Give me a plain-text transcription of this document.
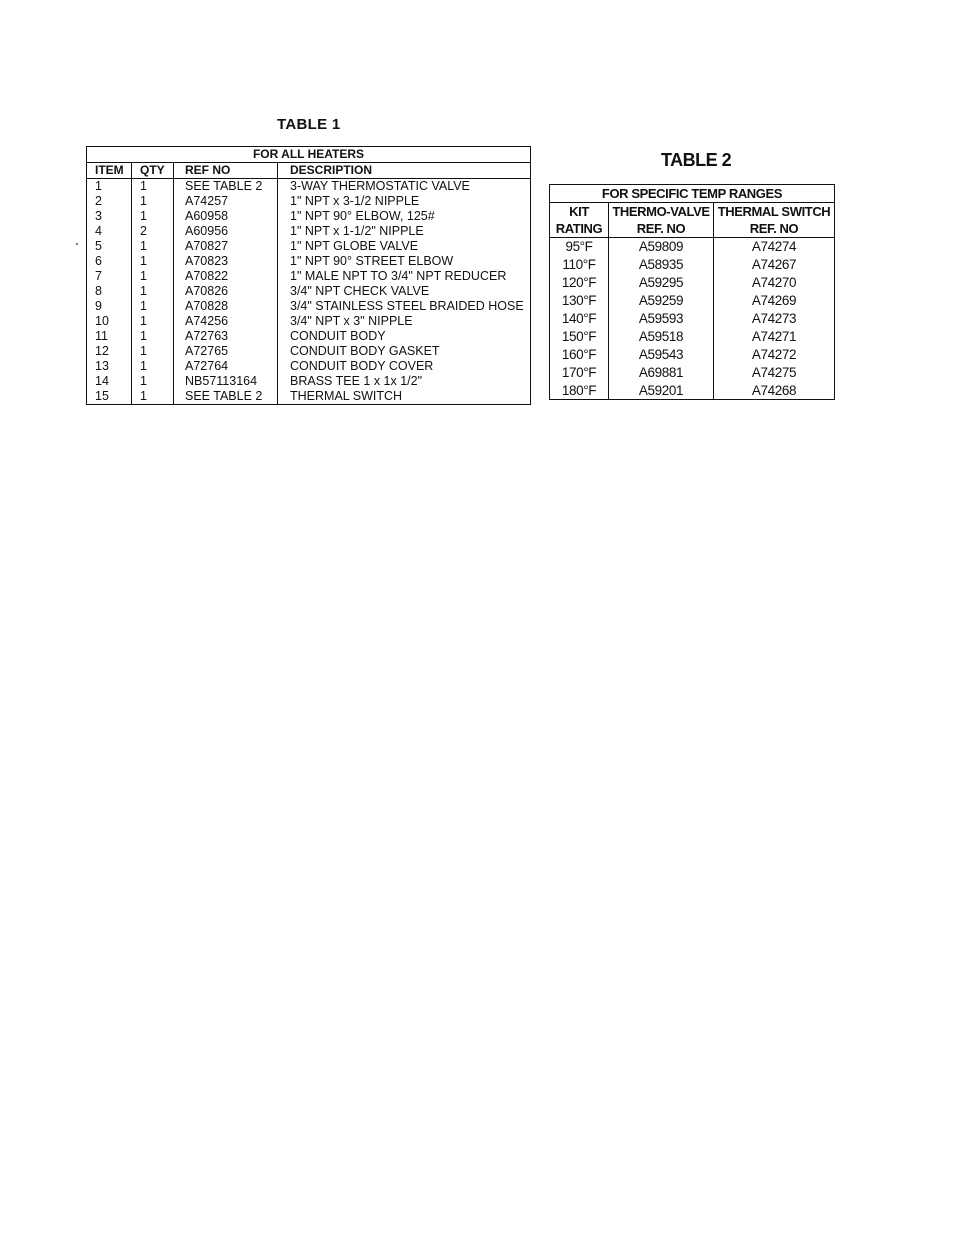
TABLE 1
FOR ALL HEATERS			
ITEM	QTY	REF NO	DESCRIPTION
1	1	SEE TABLE 2	3-WAY THERMOSTATIC VALVE
2	1	A74257	1" NPT x 3-1/2 NIPPLE
3	1	A60958	1" NPT 90° ELBOW, 125#
4	2	A60956	1" NPT x 1-1/2" NIPPLE
5	1	A70827	1" NPT GLOBE VALVE
6	1	A70823	1" NPT 90° STREET ELBOW
7	1	A70822	1" MALE NPT TO 3/4" NPT REDUCER
8	1	A70826	3/4" NPT CHECK VALVE
9	1	A70828	3/4" STAINLESS STEEL BRAIDED HOSE
10	1	A74256	3/4" NPT x 3" NIPPLE
11	1	A72763	CONDUIT BODY
12	1	A72765	CONDUIT BODY GASKET
13	1	A72764	CONDUIT BODY COVER
14	1	NB57113164	BRASS TEE 1 x 1x 1/2"
15	1	SEE TABLE 2	THERMAL SWITCH
TABLE 2
FOR SPECIFIC TEMP RANGES		
KIT	THERMO-VALVE	THERMAL SWITCH
RATING	REF. NO	REF. NO
95°F	A59809	A74274
110°F	A58935	A74267
120°F	A59295	A74270
130°F	A59259	A74269
140°F	A59593	A74273
150°F	A59518	A74271
160°F	A59543	A74272
170°F	A69881	A74275
180°F	A59201	A74268
